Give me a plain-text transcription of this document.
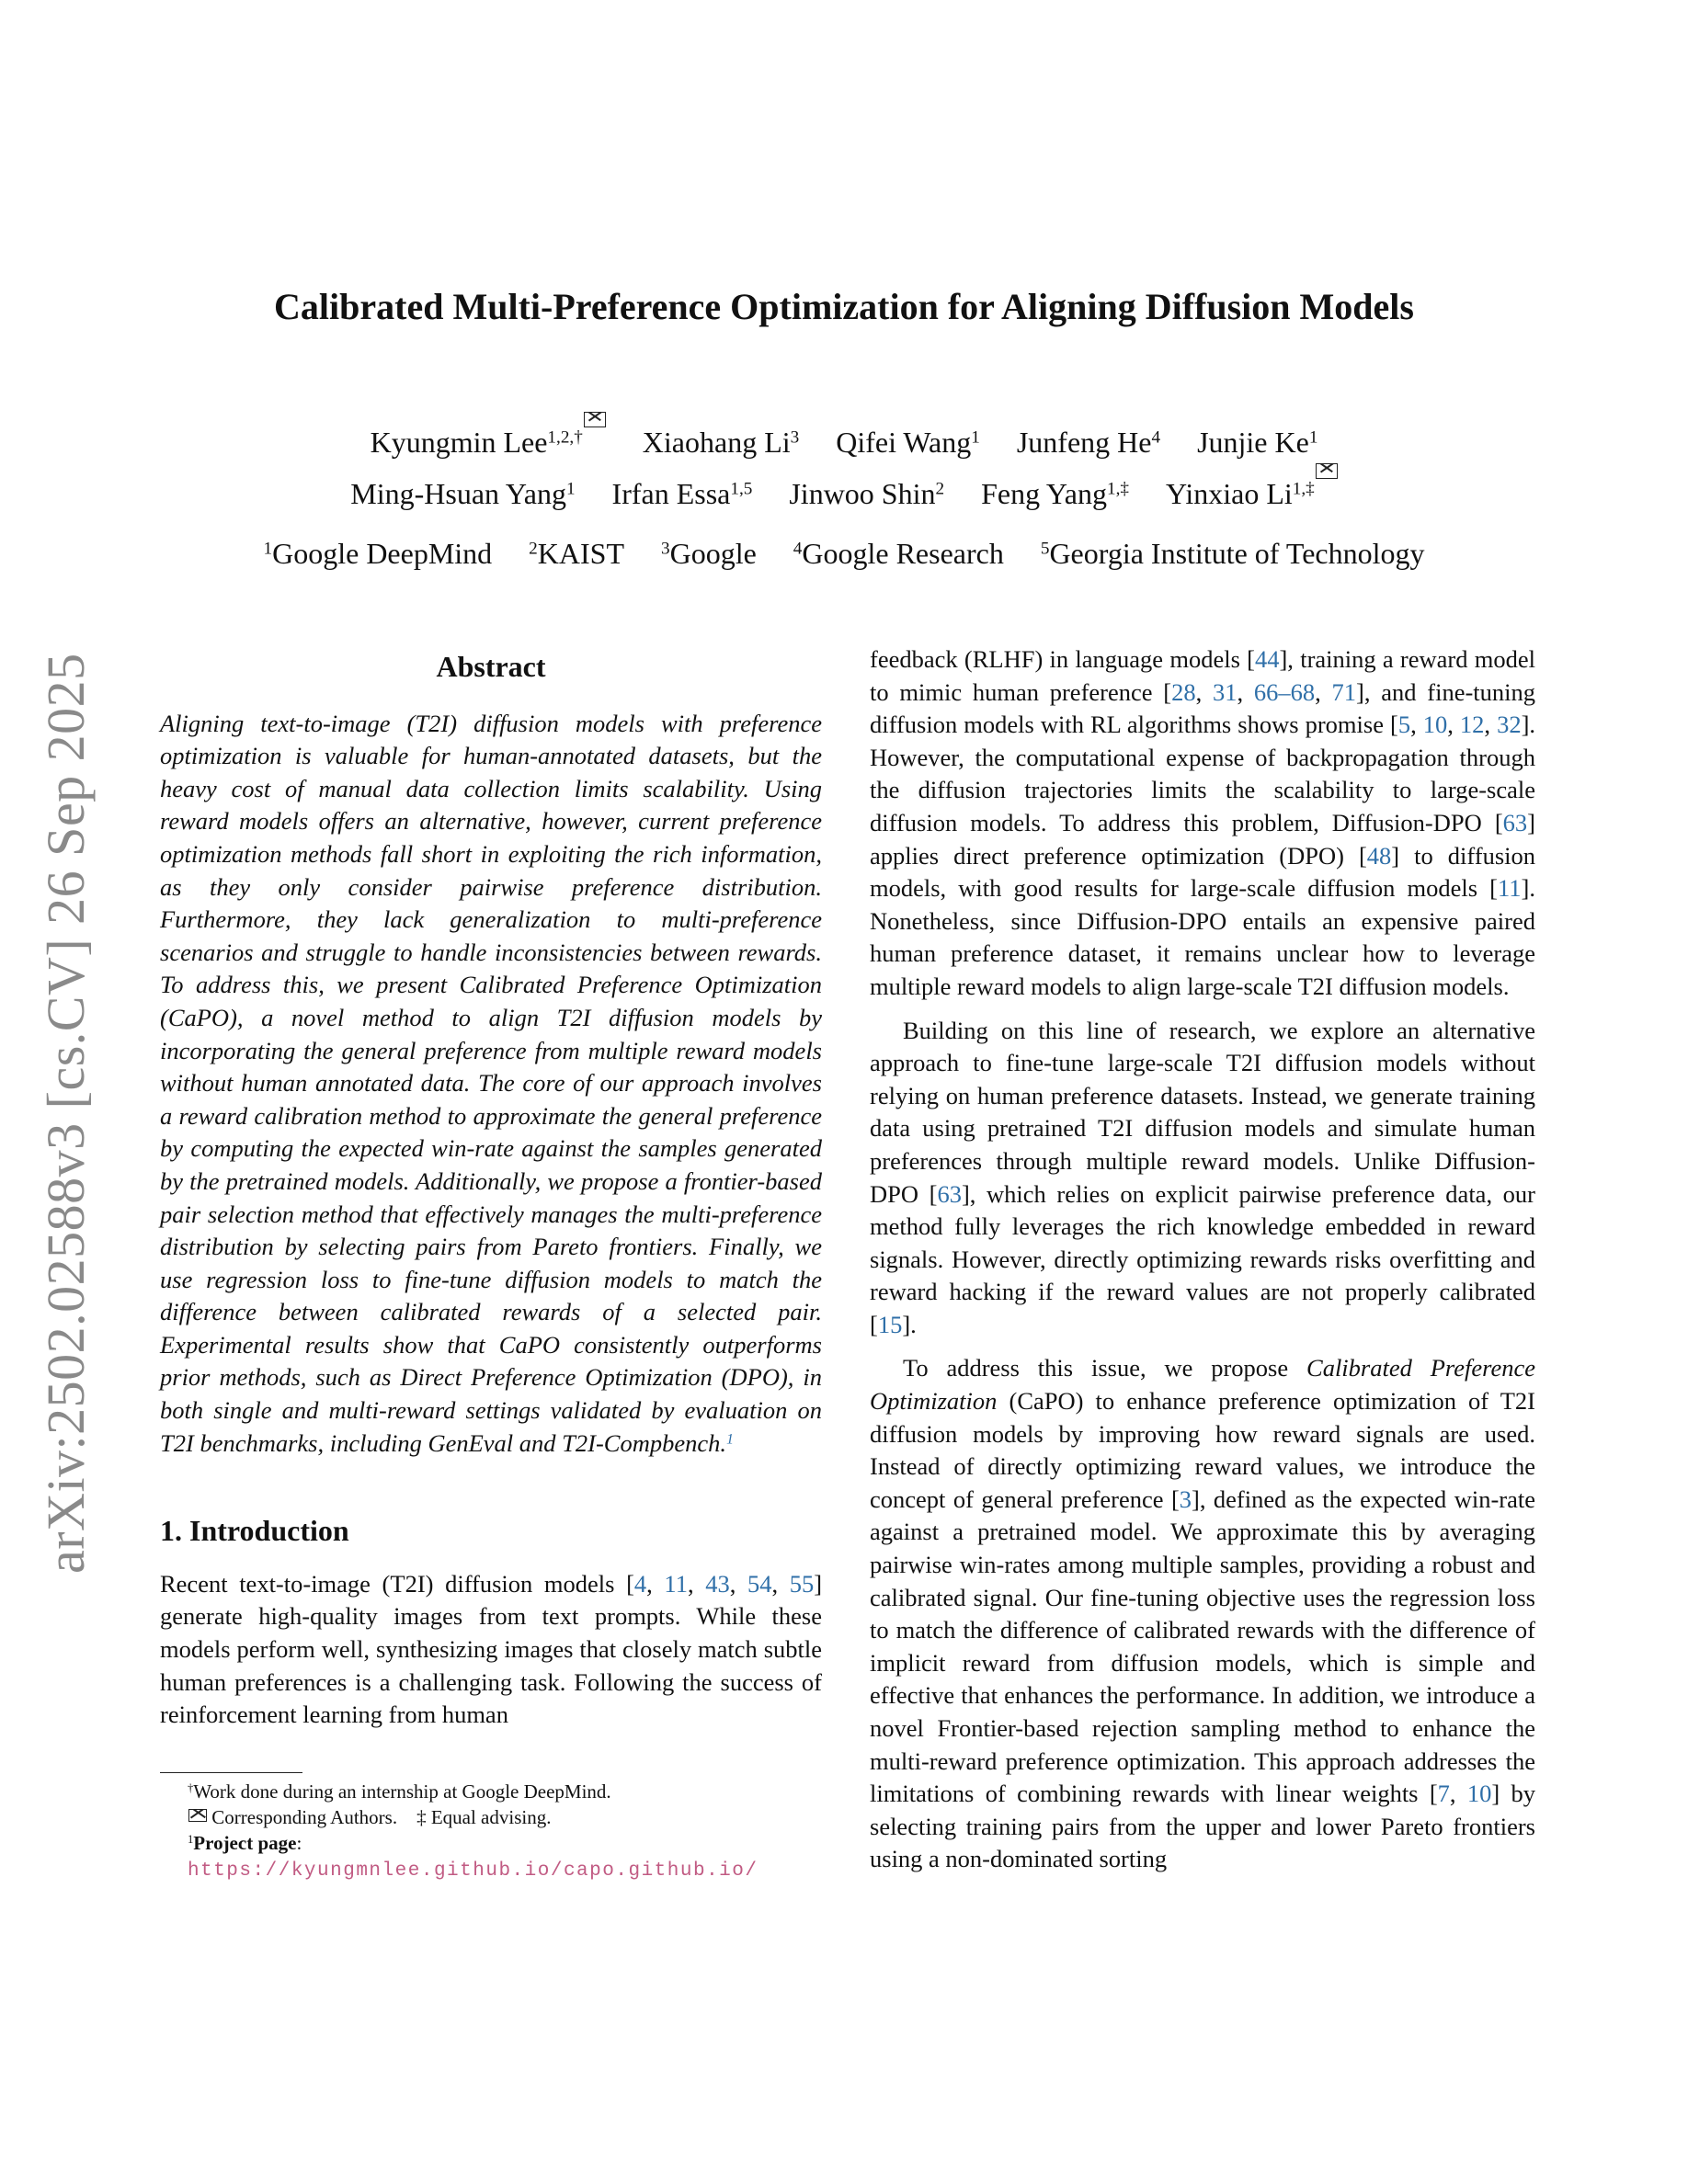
arXiv:2502.02588v3 [cs.CV] 26 Sep 2025
Calibrated Multi-Preference Optimization for Aligning Diffusion Models
Kyungmin Lee$^{1,2,\dagger}$ Xiaohang Li$^3$ Qifei Wang$^1$ Junfeng He$^4$ Junjie Ke$^1$
Ming-Hsuan Yang$^1$ Irfan Essa$^{1,5}$ Jinwoo Shin$^2$ Feng Yang$^{1,\ddagger}$ Yinxiao $Li^{1,\ddagger}$
$^1$Google DeepMind $^2$KAIST $^3$Google $^4$Google Research $^5$Georgia Institute of Technology
Abstract

Aligning text-to-image (T2I) diffusion models with preference optimization is valuable for human-annotated datasets, but the heavy cost of manual data collection limits scalability. Using reward models offers an alternative, however, current preference optimization methods fall short in exploiting the rich information, as they only consider pairwise preference distribution. Furthermore, they lack generalization to multi-preference scenarios and struggle to handle inconsistencies between rewards. To address this, we present Calibrated Preference Optimization (CaPO), a novel method to align T2I diffusion models by incorporating the general preference from multiple reward models without human annotated data. The core of our approach involves a reward calibration method to approximate the general preference by computing the expected win-rate against the samples generated by the pretrained models. Additionally, we propose a frontier-based pair selection method that effectively manages the multi-preference distribution by selecting pairs from Pareto frontiers. Finally, we use regression loss to fine-tune diffusion models to match the difference between calibrated rewards of a selected pair. Experimental results show that CaPO consistently outperforms prior methods, such as Direct Preference Optimization (DPO), in both single and multi-reward settings validated by evaluation on T2I benchmarks, including GenEval and T2I-Compbench.$^1$

1. Introduction

Recent text-to-image (T2I) diffusion models [4, 11, 43, 54, 55] generate high-quality images from text prompts. While these models perform well, synthesizing images that closely match subtle human preferences is a challenging task. Following the success of reinforcement learning from human

†Work done during an internship at Google DeepMind.
Corresponding Authors. ‡ Equal advising.
$^1$Project page: https://kyungmnlee.github.io/capo.github.io/

feedback (RLHF) in language models [44], training a reward model to mimic human preference [28, 31, 66–68, 71], and fine-tuning diffusion models with RL algorithms shows promise [5, 10, 12, 32]. However, the computational expense of backpropagation through the diffusion trajectories limits the scalability to large-scale diffusion models. To address this problem, Diffusion-DPO [63] applies direct preference optimization (DPO) [48] to diffusion models, with good results for large-scale diffusion models [11]. Nonetheless, since Diffusion-DPO entails an expensive paired human preference dataset, it remains unclear how to leverage multiple reward models to align large-scale T2I diffusion models.

Building on this line of research, we explore an alternative approach to fine-tune large-scale T2I diffusion models without relying on human preference datasets. Instead, we generate training data using pretrained T2I diffusion models and simulate human preferences through multiple reward models. Unlike Diffusion-DPO [63], which relies on explicit pairwise preference data, our method fully leverages the rich knowledge embedded in reward signals. However, directly optimizing rewards risks overfitting and reward hacking if the reward values are not properly calibrated [15].

To address this issue, we propose Calibrated Preference Optimization (CaPO) to enhance preference optimization of T2I diffusion models by improving how reward signals are used. Instead of directly optimizing reward values, we introduce the concept of general preference [3], defined as the expected win-rate against a pretrained model. We approximate this by averaging pairwise win-rates among multiple samples, providing a robust and calibrated signal. Our fine-tuning objective uses the regression loss to match the difference of calibrated rewards with the difference of implicit reward from diffusion models, which is simple and effective that enhances the performance. In addition, we introduce a novel Frontier-based rejection sampling method to enhance the multi-reward preference optimization. This approach addresses the limitations of combining rewards with linear weights [7, 10] by selecting training pairs from the upper and lower Pareto frontiers using a non-dominated sorting
